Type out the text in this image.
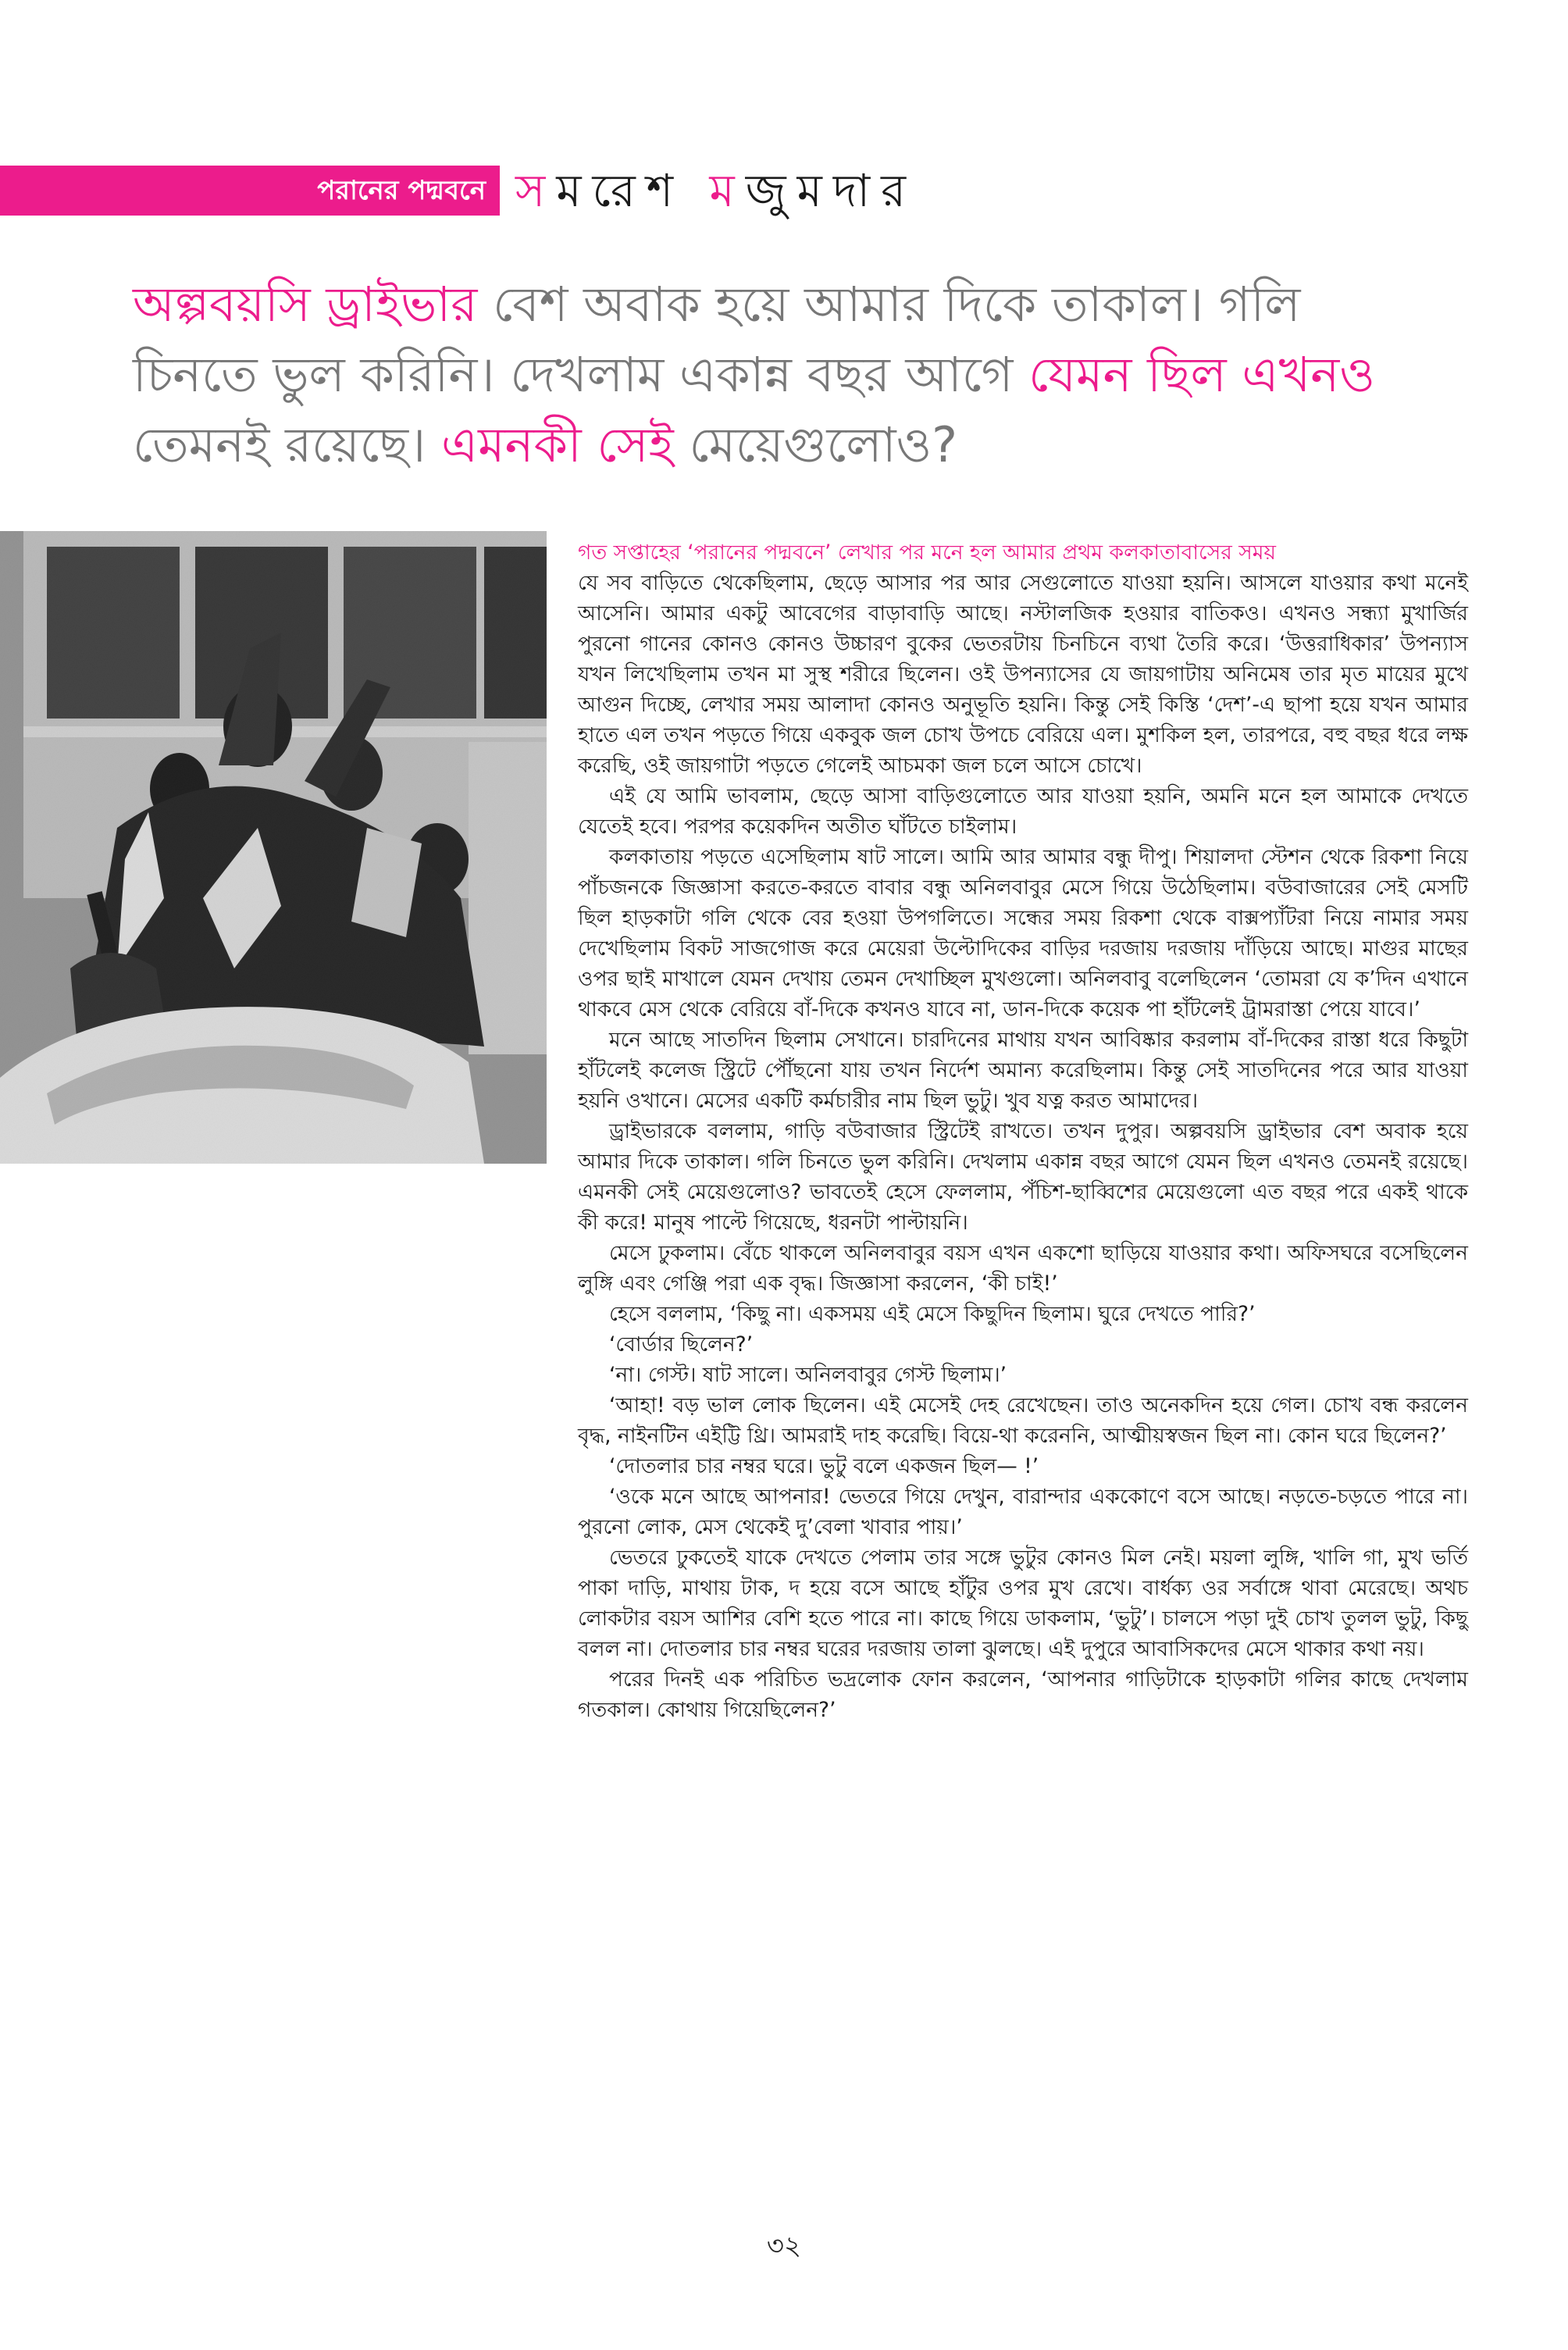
পরানের পদ্মবনে সমরেশ মজুমদার
অল্পবয়সি ড্রাইভার বেশ অবাক হয়ে আমার দিকে তাকাল। গলি চিনতে ভুল করিনি। দেখলাম একান্ন বছর আগে যেমন ছিল এখনও তেমনই রয়েছে। এমনকী সেই মেয়েগুলোও?

গত সপ্তাহের ‘পরানের পদ্মবনে’ লেখার পর মনে হল আমার প্রথম কলকাতাবাসের সময়

যে সব বাড়িতে থেকেছিলাম, ছেড়ে আসার পর আর সেগুলোতে যাওয়া হয়নি। আসলে যাওয়ার কথা মনেই আসেনি। আমার একটু আবেগের বাড়াবাড়ি আছে। নস্টালজিক হওয়ার বাতিকও। এখনও সন্ধ্যা মুখার্জির পুরনো গানের কোনও কোনও উচ্চারণ বুকের ভেতরটায় চিনচিনে ব্যথা তৈরি করে। ‘উত্তরাধিকার’ উপন্যাস যখন লিখেছিলাম তখন মা সুস্থ শরীরে ছিলেন। ওই উপন্যাসের যে জায়গাটায় অনিমেষ তার মৃত মায়ের মুখে আগুন দিচ্ছে, লেখার সময় আলাদা কোনও অনুভূতি হয়নি। কিন্তু সেই কিস্তি ‘দেশ’-এ ছাপা হয়ে যখন আমার হাতে এল তখন পড়তে গিয়ে একবুক জল চোখ উপচে বেরিয়ে এল। মুশকিল হল, তারপরে, বহু বছর ধরে লক্ষ করেছি, ওই জায়গাটা পড়তে গেলেই আচমকা জল চলে আসে চোখে।

এই যে আমি ভাবলাম, ছেড়ে আসা বাড়িগুলোতে আর যাওয়া হয়নি, অমনি মনে হল আমাকে দেখতে যেতেই হবে। পরপর কয়েকদিন অতীত ঘাঁটতে চাইলাম।

কলকাতায় পড়তে এসেছিলাম ষাট সালে। আমি আর আমার বন্ধু দীপু। শিয়ালদা স্টেশন থেকে রিকশা নিয়ে পাঁচজনকে জিজ্ঞাসা করতে-করতে বাবার বন্ধু অনিলবাবুর মেসে গিয়ে উঠেছিলাম। বউবাজারের সেই মেসটি ছিল হাড়কাটা গলি থেকে বের হওয়া উপগলিতে। সন্ধের সময় রিকশা থেকে বাক্সপ্যাঁটরা নিয়ে নামার সময় দেখেছিলাম বিকট সাজগোজ করে মেয়েরা উল্টোদিকের বাড়ির দরজায় দরজায় দাঁড়িয়ে আছে। মাগুর মাছের ওপর ছাই মাখালে যেমন দেখায় তেমন দেখাচ্ছিল মুখগুলো। অনিলবাবু বলেছিলেন ‘তোমরা যে ক’দিন এখানে থাকবে মেস থেকে বেরিয়ে বাঁ-দিকে কখনও যাবে না, ডান-দিকে কয়েক পা হাঁটলেই ট্রামরাস্তা পেয়ে যাবে।’

মনে আছে সাতদিন ছিলাম সেখানে। চারদিনের মাথায় যখন আবিষ্কার করলাম বাঁ-দিকের রাস্তা ধরে কিছুটা হাঁটলেই কলেজ স্ট্রিটে পৌঁছনো যায় তখন নির্দেশ অমান্য করেছিলাম। কিন্তু সেই সাতদিনের পরে আর যাওয়া হয়নি ওখানে। মেসের একটি কর্মচারীর নাম ছিল ভুটু। খুব যত্ন করত আমাদের।

ড্রাইভারকে বললাম, গাড়ি বউবাজার স্ট্রিটেই রাখতে। তখন দুপুর। অল্পবয়সি ড্রাইভার বেশ অবাক হয়ে আমার দিকে তাকাল। গলি চিনতে ভুল করিনি। দেখলাম একান্ন বছর আগে যেমন ছিল এখনও তেমনই রয়েছে। এমনকী সেই মেয়েগুলোও? ভাবতেই হেসে ফেললাম, পঁচিশ-ছাব্বিশের মেয়েগুলো এত বছর পরে একই থাকে কী করে! মানুষ পাল্টে গিয়েছে, ধরনটা পাল্টায়নি।

মেসে ঢুকলাম। বেঁচে থাকলে অনিলবাবুর বয়স এখন একশো ছাড়িয়ে যাওয়ার কথা। অফিসঘরে বসেছিলেন লুঙ্গি এবং গেঞ্জি পরা এক বৃদ্ধ। জিজ্ঞাসা করলেন, ‘কী চাই!’

হেসে বললাম, ‘কিছু না। একসময় এই মেসে কিছুদিন ছিলাম। ঘুরে দেখতে পারি?’

‘বোর্ডার ছিলেন?’

‘না। গেস্ট। ষাট সালে। অনিলবাবুর গেস্ট ছিলাম।’

‘আহা! বড় ভাল লোক ছিলেন। এই মেসেই দেহ রেখেছেন। তাও অনেকদিন হয়ে গেল। চোখ বন্ধ করলেন বৃদ্ধ, নাইনটিন এইট্টি থ্রি। আমরাই দাহ করেছি। বিয়ে-থা করেননি, আত্মীয়স্বজন ছিল না। কোন ঘরে ছিলেন?’

‘দোতলার চার নম্বর ঘরে। ভুটু বলে একজন ছিল— !’

‘ওকে মনে আছে আপনার! ভেতরে গিয়ে দেখুন, বারান্দার এককোণে বসে আছে। নড়তে-চড়তে পারে না। পুরনো লোক, মেস থেকেই দু’বেলা খাবার পায়।’

ভেতরে ঢুকতেই যাকে দেখতে পেলাম তার সঙ্গে ভুটুর কোনও মিল নেই। ময়লা লুঙ্গি, খালি গা, মুখ ভর্তি পাকা দাড়ি, মাথায় টাক, দ হয়ে বসে আছে হাঁটুর ওপর মুখ রেখে। বার্ধক্য ওর সর্বাঙ্গে থাবা মেরেছে। অথচ লোকটার বয়স আশির বেশি হতে পারে না। কাছে গিয়ে ডাকলাম, ‘ভুটু’। চালসে পড়া দুই চোখ তুলল ভুটু, কিছু বলল না। দোতলার চার নম্বর ঘরের দরজায় তালা ঝুলছে। এই দুপুরে আবাসিকদের মেসে থাকার কথা নয়।

পরের দিনই এক পরিচিত ভদ্রলোক ফোন করলেন, ‘আপনার গাড়িটাকে হাড়কাটা গলির কাছে দেখলাম গতকাল। কোথায় গিয়েছিলেন?’

৩২
